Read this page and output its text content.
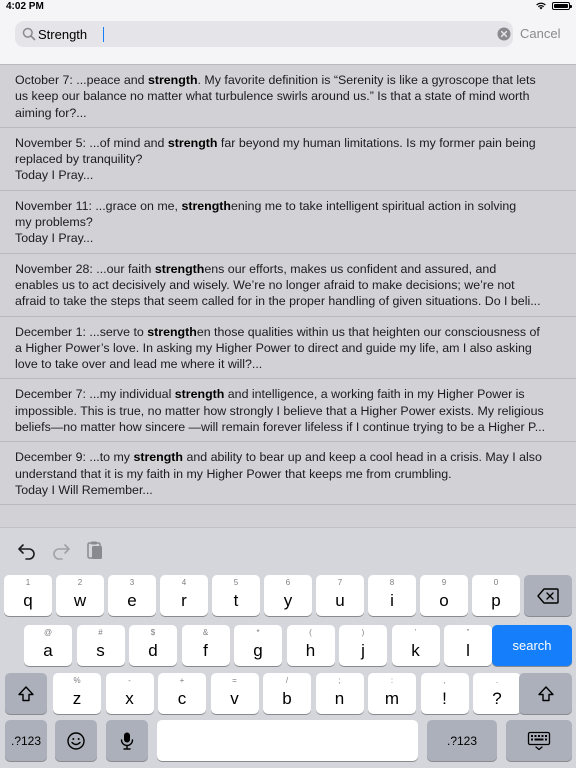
4:02 PM
Strength
Cancel
October 7: ...peace and strength. My favorite definition is “Serenity is like a gyroscope that lets
us keep our balance no matter what turbulence swirls around us.” Is that a state of mind worth
aiming for?...
November 5: ...of mind and strength far beyond my human limitations. Is my former pain being
replaced by tranquility?
Today I Pray...
November 11: ...grace on me, strengthening me to take intelligent spiritual action in solving
my problems?
Today I Pray...
November 28: ...our faith strengthens our efforts, makes us confident and assured, and
enables us to act decisively and wisely. We’re no longer afraid to make decisions; we’re not
afraid to take the steps that seem called for in the proper handling of given situations. Do I beli...
December 1: ...serve to strengthen those qualities within us that heighten our consciousness of
a Higher Power’s love. In asking my Higher Power to direct and guide my life, am I also asking
love to take over and lead me where it will?...
December 7: ...my individual strength and intelligence, a working faith in my Higher Power is
impossible. This is true, no matter how strongly I believe that a Higher Power exists. My religious
beliefs—no matter how sincere —will remain forever lifeless if I continue trying to be a Higher P...
December 9: ...to my strength and ability to bear up and keep a cool head in a crisis. May I also
understand that it is my faith in my Higher Power that keeps me from crumbling.
Today I Will Remember...
1
q
2
w
3
e
4
r
5
t
6
y
7
u
8
i
9
o
0
p
@
a
#
s
$
d
&
f
*
g
(
h
)
j
’
k
”
l	search
%
z
-
x
+
c
=
v
/
b
;
n
:
m
,
!
.
?
.?123	.?123
